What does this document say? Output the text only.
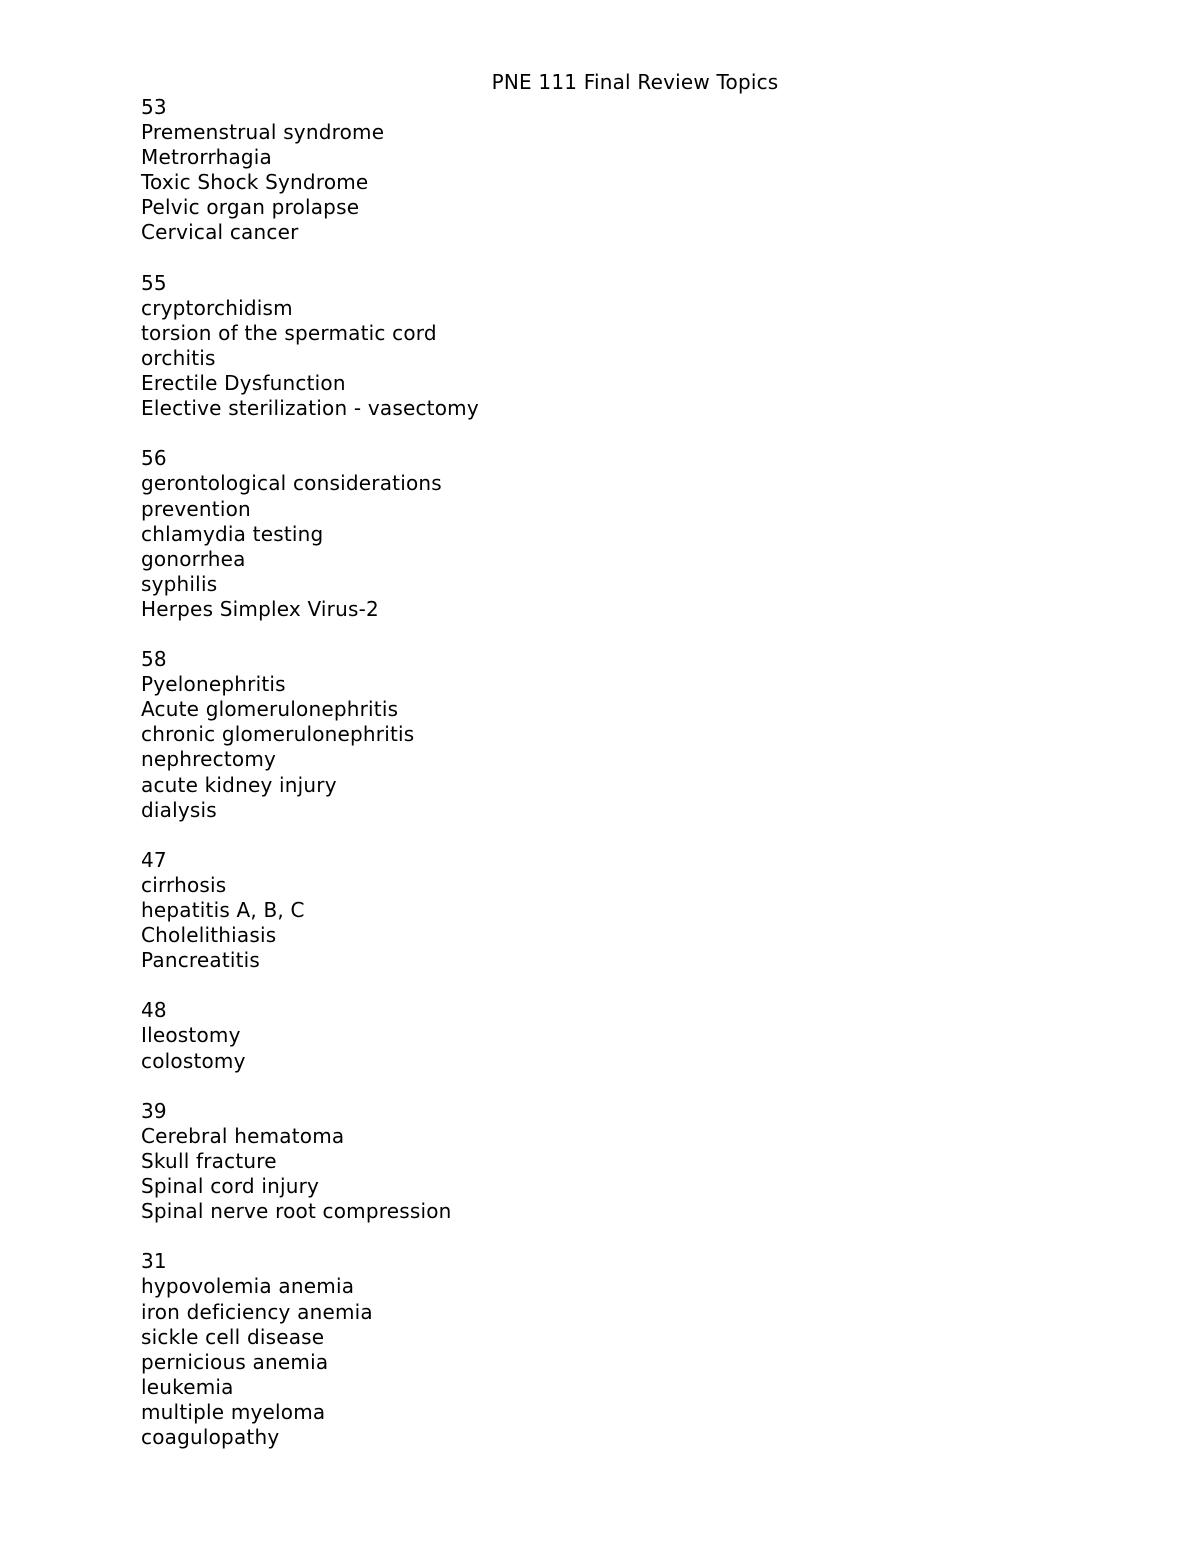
PNE 111 Final Review Topics
53
Premenstrual syndrome
Metrorrhagia
Toxic Shock Syndrome
Pelvic organ prolapse
Cervical cancer
55
cryptorchidism
torsion of the spermatic cord
orchitis
Erectile Dysfunction
Elective sterilization - vasectomy
56
gerontological considerations
prevention
chlamydia testing
gonorrhea
syphilis
Herpes Simplex Virus-2
58
Pyelonephritis
Acute glomerulonephritis
chronic glomerulonephritis
nephrectomy
acute kidney injury
dialysis
47
cirrhosis
hepatitis A, B, C
Cholelithiasis
Pancreatitis
48
Ileostomy
colostomy
39
Cerebral hematoma
Skull fracture
Spinal cord injury
Spinal nerve root compression
31
hypovolemia anemia
iron deficiency anemia
sickle cell disease
pernicious anemia
leukemia
multiple myeloma
coagulopathy
